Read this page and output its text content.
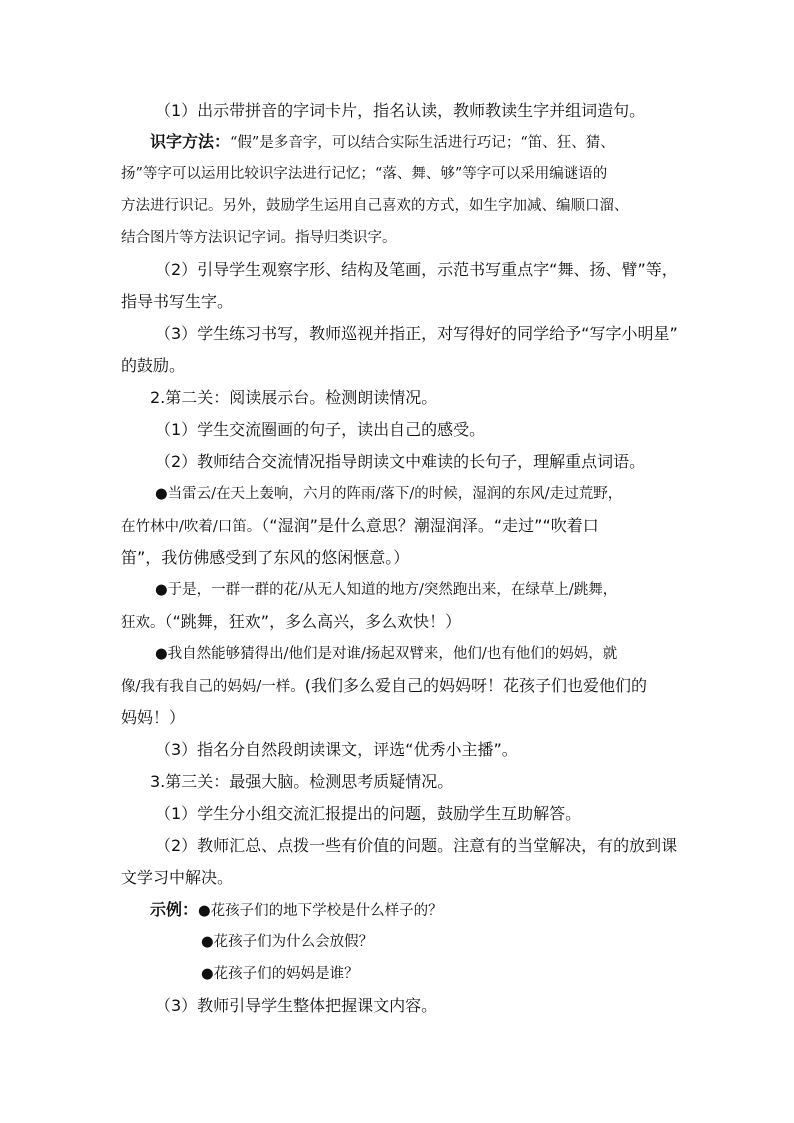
（1）出示带拼音的字词卡片，指名认读，教师教读生字并组词造句。
识字方法：“假”是多音字，可以结合实际生活进行巧记；“笛、狂、猜、
扬”等字可以运用比较识字法进行记忆；“落、舞、够”等字可以采用编谜语的
方法进行识记。另外，鼓励学生运用自己喜欢的方式，如生字加减、编顺口溜、
结合图片等方法识记字词。指导归类识字。
（2）引导学生观察字形、结构及笔画，示范书写重点字“舞、扬、臂”等，
指导书写生字。
（3）学生练习书写，教师巡视并指正，对写得好的同学给予“写字小明星”
的鼓励。
2.第二关：阅读展示台。检测朗读情况。
（1）学生交流圈画的句子，读出自己的感受。
（2）教师结合交流情况指导朗读文中难读的长句子，理解重点词语。
●当雷云/在天上轰响，六月的阵雨/落下/的时候，湿润的东风/走过荒野，
在竹林中/吹着/口笛。（“湿润”是什么意思？潮湿润泽。“走过”“吹着口
笛”，我仿佛感受到了东风的悠闲惬意。）
●于是，一群一群的花/从无人知道的地方/突然跑出来，在绿草上/跳舞，
狂欢。（“跳舞，狂欢”，多么高兴，多么欢快！）
●我自然能够猜得出/他们是对谁/扬起双臂来，他们/也有他们的妈妈，就
像/我有我自己的妈妈/一样。(我们多么爱自己的妈妈呀！花孩子们也爱他们的
妈妈！）
（3）指名分自然段朗读课文，评选“优秀小主播”。
3.第三关：最强大脑。检测思考质疑情况。
（1）学生分小组交流汇报提出的问题，鼓励学生互助解答。
（2）教师汇总、点拨一些有价值的问题。注意有的当堂解决，有的放到课
文学习中解决。
示例：●花孩子们的地下学校是什么样子的？
●花孩子们为什么会放假？
●花孩子们的妈妈是谁？
（3）教师引导学生整体把握课文内容。
